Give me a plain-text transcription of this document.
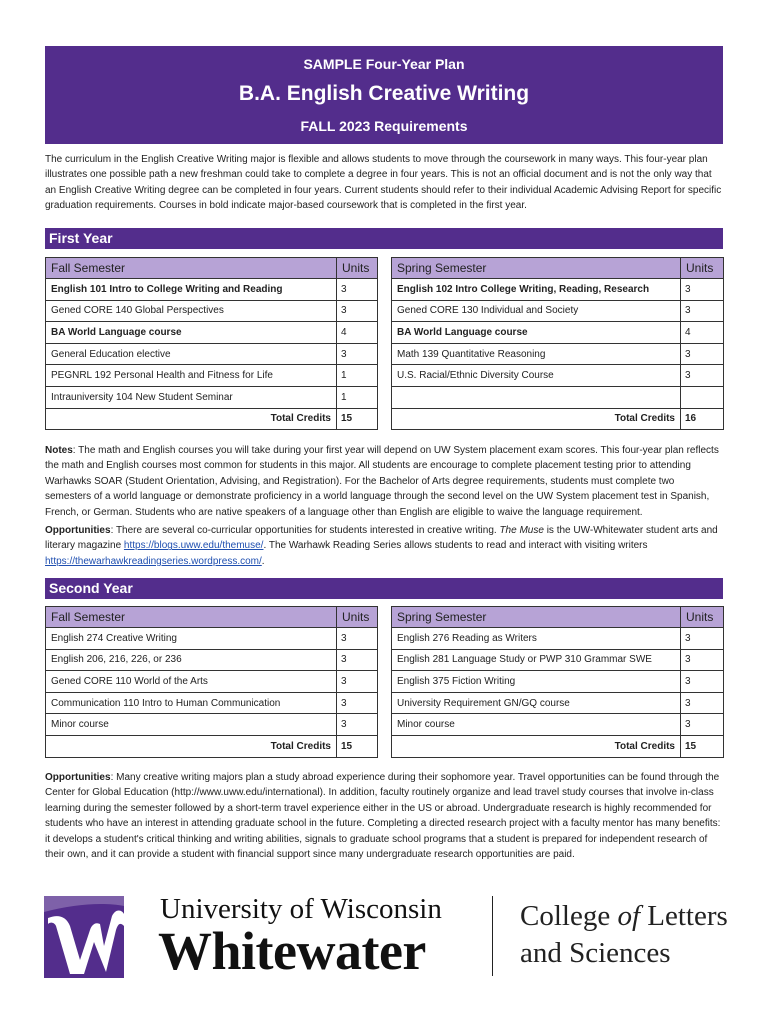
SAMPLE Four-Year Plan
B.A. English Creative Writing
FALL 2023 Requirements
The curriculum in the English Creative Writing major is flexible and allows students to move through the coursework in many ways. This four-year plan illustrates one possible path a new freshman could take to complete a degree in four years. This is not an official document and is not the only way that an English Creative Writing degree can be completed in four years. Current students should refer to their individual Academic Advising Report for specific graduation requirements. Courses in bold indicate major-based coursework that is completed in the first year.
First Year
Fall Semester	Units
English 101 Intro to College Writing and Reading	3
Gened CORE 140 Global Perspectives	3
BA World Language course	4
General Education elective	3
PEGNRL 192 Personal Health and Fitness for Life	1
Intrauniversity 104 New Student Seminar	1
Total Credits	15
Spring Semester	Units
English 102 Intro College Writing, Reading, Research	3
Gened CORE 130 Individual and Society	3
BA World Language course	4
Math 139 Quantitative Reasoning	3
U.S. Racial/Ethnic Diversity Course	3

Total Credits	16
Notes: The math and English courses you will take during your first year will depend on UW System placement exam scores. This four-year plan reflects the math and English courses most common for students in this major. All students are encourage to complete placement testing prior to attending Warhawks SOAR (Student Orientation, Advising, and Registration). For the Bachelor of Arts degree requirements, students must complete two semesters of a world language or demonstrate proficiency in a world language through the second level on the UW System placement test in Spanish, French, or German. Students who are native speakers of a language other than English are eligible to waive the language requirement.
Opportunities: There are several co-curricular opportunities for students interested in creative writing. The Muse is the UW-Whitewater student arts and literary magazine https://blogs.uww.edu/themuse/. The Warhawk Reading Series allows students to read and interact with visiting writers https://thewarhawkreadingseries.wordpress.com/.
Second Year
Fall Semester	Units
English 274 Creative Writing	3
English 206, 216, 226, or 236	3
Gened CORE 110 World of the Arts	3
Communication 110 Intro to Human Communication	3
Minor course	3
Total Credits	15
Spring Semester	Units
English 276 Reading as Writers	3
English 281 Language Study or PWP 310 Grammar SWE	3
English 375 Fiction Writing	3
University Requirement GN/GQ course	3
Minor course	3
Total Credits	15
Opportunities: Many creative writing majors plan a study abroad experience during their sophomore year. Travel opportunities can be found through the Center for Global Education (http://www.uww.edu/international). In addition, faculty routinely organize and lead travel study courses that involve in-class learning during the semester followed by a short-term travel experience either in the US or abroad. Undergraduate research is highly recommended for students who have an interest in attending graduate school in the future. Completing a directed research project with a faculty mentor has many benefits: it develops a student's critical thinking and writing abilities, signals to graduate school programs that a student is prepared for independent research of their own, and it can provide a student with financial support since many undergraduate research opportunities are paid.
University of Wisconsin
Whitewater
College of Letters
and Sciences
